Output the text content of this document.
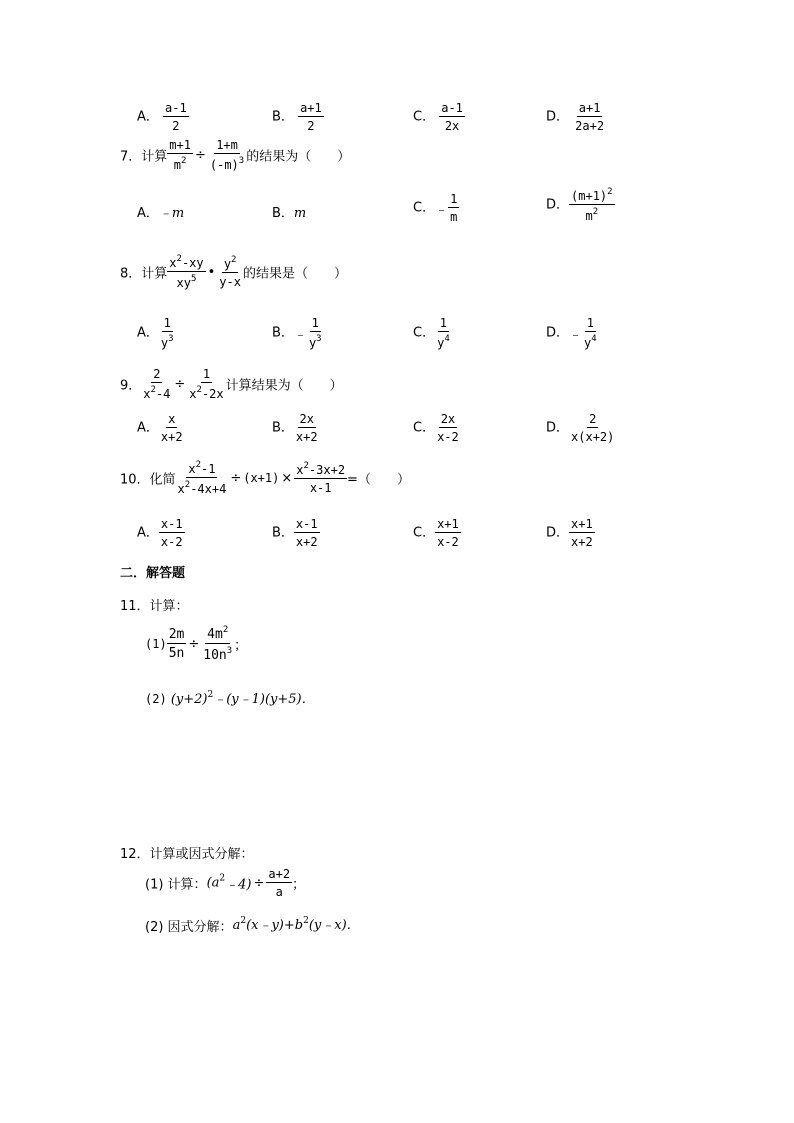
A． $\frac{a-1}{2}$	B． $\frac{a+1}{2}$	C． $\frac{a-1}{2x}$	D． $\frac{a+1}{2a+2}$
7．计算 $\frac{m+1}{m^2} \div \frac{1+m}{(-m)^3}$ 的结果为（　　）
A．﹣m	B．m	C．﹣ $\frac{1}{m}$	D． $\frac{(m+1)^2}{m^2}$
8．计算 $\frac{x^2-xy}{xy^5}$ • $\frac{y^2}{y-x}$ 的结果是（　　）
A． $\frac{1}{y^3}$	B．﹣ $\frac{1}{y^3}$	C． $\frac{1}{y^4}$	D．﹣ $\frac{1}{y^4}$
9． $\frac{2}{x^2-4} \div \frac{1}{x^2-2x}$ 计算结果为（　　）
A． $\frac{x}{x+2}$	B． $\frac{2x}{x+2}$	C． $\frac{2x}{x-2}$	D． $\frac{2}{x(x+2)}$
10．化简 $\frac{x^2-1}{x^2-4x+4} \div (x+1) \times \frac{x^2-3x+2}{x-1}$ =（　　）
A． $\frac{x-1}{x-2}$	B． $\frac{x-1}{x+2}$	C． $\frac{x+1}{x-2}$	D． $\frac{x+1}{x+2}$
二．解答题
11．计算：
$(1) \frac{2m}{5n} \div \frac{4m^2}{10n^3}$ ；
(2) $(y+2)^2﹣(y﹣1)(y+5)$．
12．计算或因式分解：
(1) 计算：$(a^2﹣4) \div \frac{a+2}{a}$ ；
(2) 因式分解：$a^2(x﹣y)+b^2(y﹣x)$．
